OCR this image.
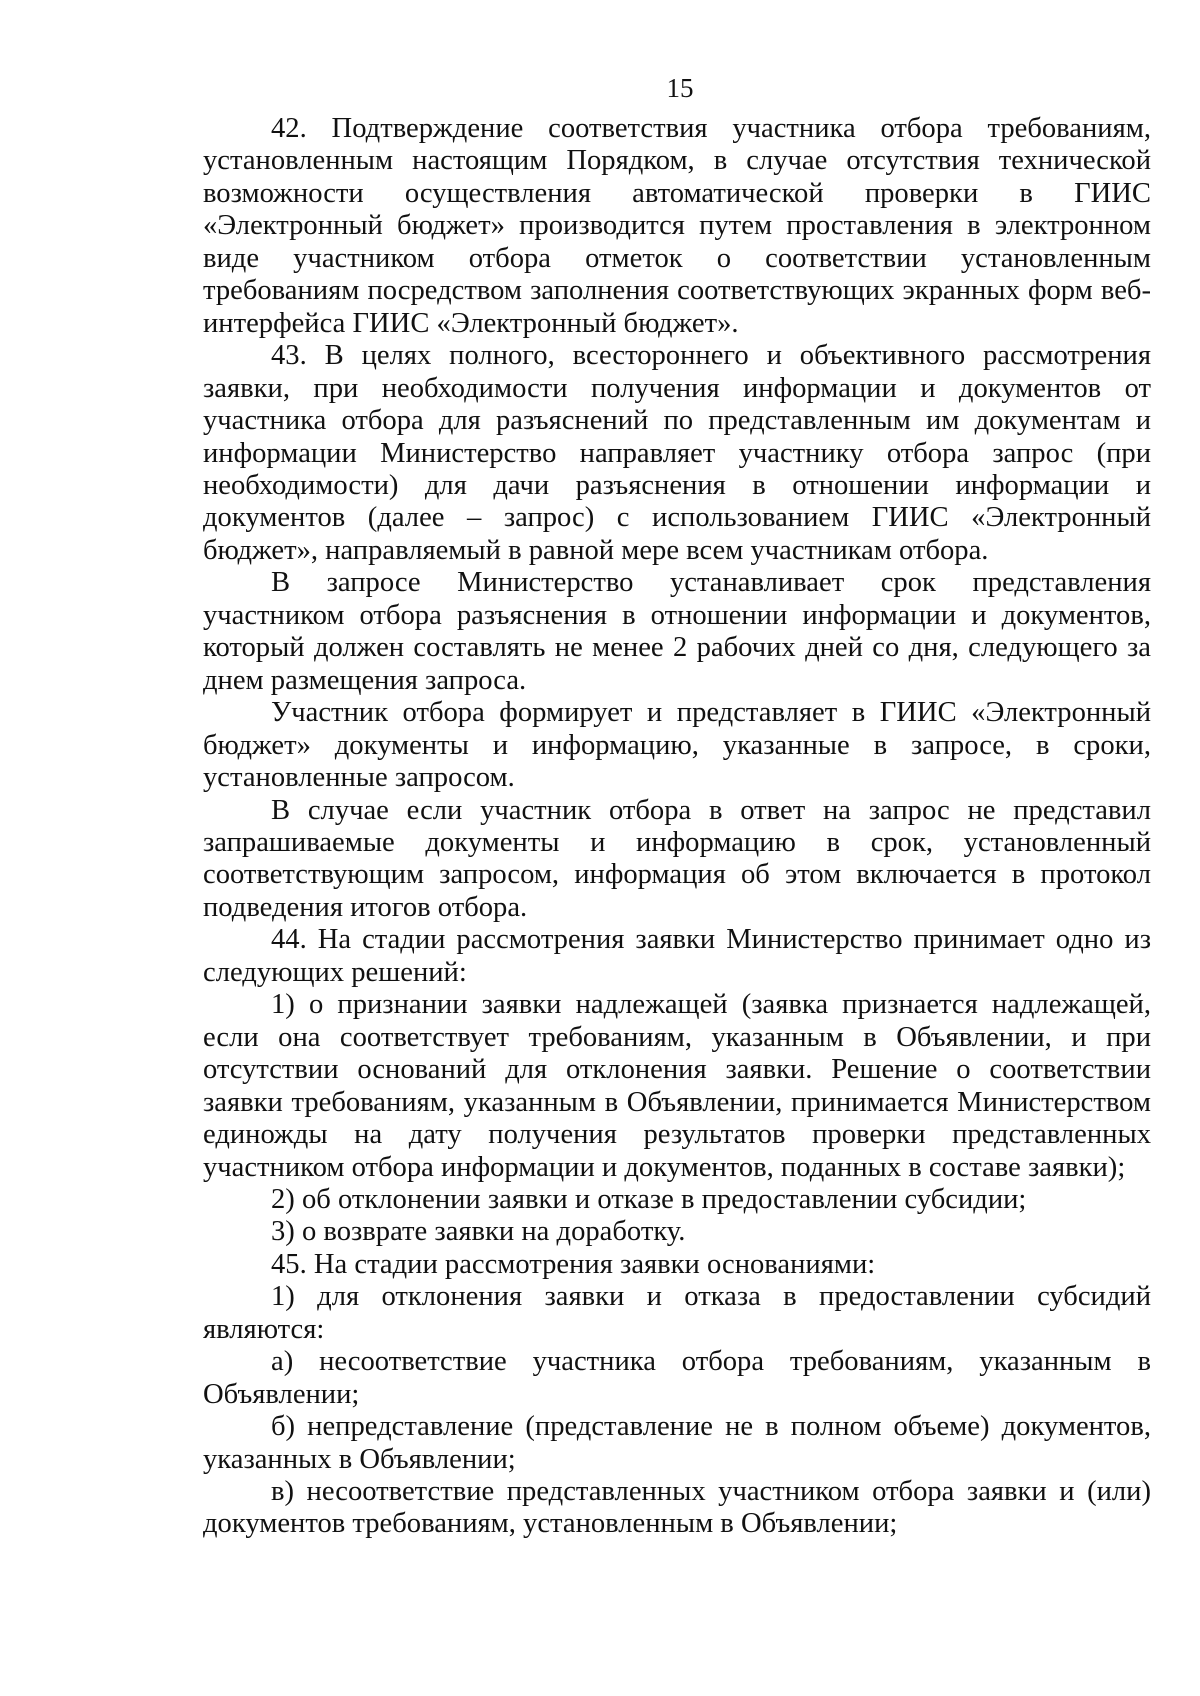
15

42. Подтверждение соответствия участника отбора требованиям, установленным настоящим Порядком, в случае отсутствия технической возможности осуществления автоматической проверки в ГИИС «Электронный бюджет» производится путем проставления в электронном виде участником отбора отметок о соответствии установленным требованиям посредством заполнения соответствующих экранных форм веб-интерфейса ГИИС «Электронный бюджет».

43. В целях полного, всестороннего и объективного рассмотрения заявки, при необходимости получения информации и документов от участника отбора для разъяснений по представленным им документам и информации Министерство направляет участнику отбора запрос (при необходимости) для дачи разъяснения в отношении информации и документов (далее – запрос) с использованием ГИИС «Электронный бюджет», направляемый в равной мере всем участникам отбора.

В запросе Министерство устанавливает срок представления участником отбора разъяснения в отношении информации и документов, который должен составлять не менее 2 рабочих дней со дня, следующего за днем размещения запроса.

Участник отбора формирует и представляет в ГИИС «Электронный бюджет» документы и информацию, указанные в запросе, в сроки, установленные запросом.

В случае если участник отбора в ответ на запрос не представил запрашиваемые документы и информацию в срок, установленный соответствующим запросом, информация об этом включается в протокол подведения итогов отбора.

44. На стадии рассмотрения заявки Министерство принимает одно из следующих решений:

1) о признании заявки надлежащей (заявка признается надлежащей, если она соответствует требованиям, указанным в Объявлении, и при отсутствии оснований для отклонения заявки. Решение о соответствии заявки требованиям, указанным в Объявлении, принимается Министерством единожды на дату получения результатов проверки представленных участником отбора информации и документов, поданных в составе заявки);

2) об отклонении заявки и отказе в предоставлении субсидии;

3) о возврате заявки на доработку.

45. На стадии рассмотрения заявки основаниями:

1) для отклонения заявки и отказа в предоставлении субсидий являются:

а) несоответствие участника отбора требованиям, указанным в Объявлении;

б) непредставление (представление не в полном объеме) документов, указанных в Объявлении;

в) несоответствие представленных участником отбора заявки и (или) документов требованиям, установленным в Объявлении;
